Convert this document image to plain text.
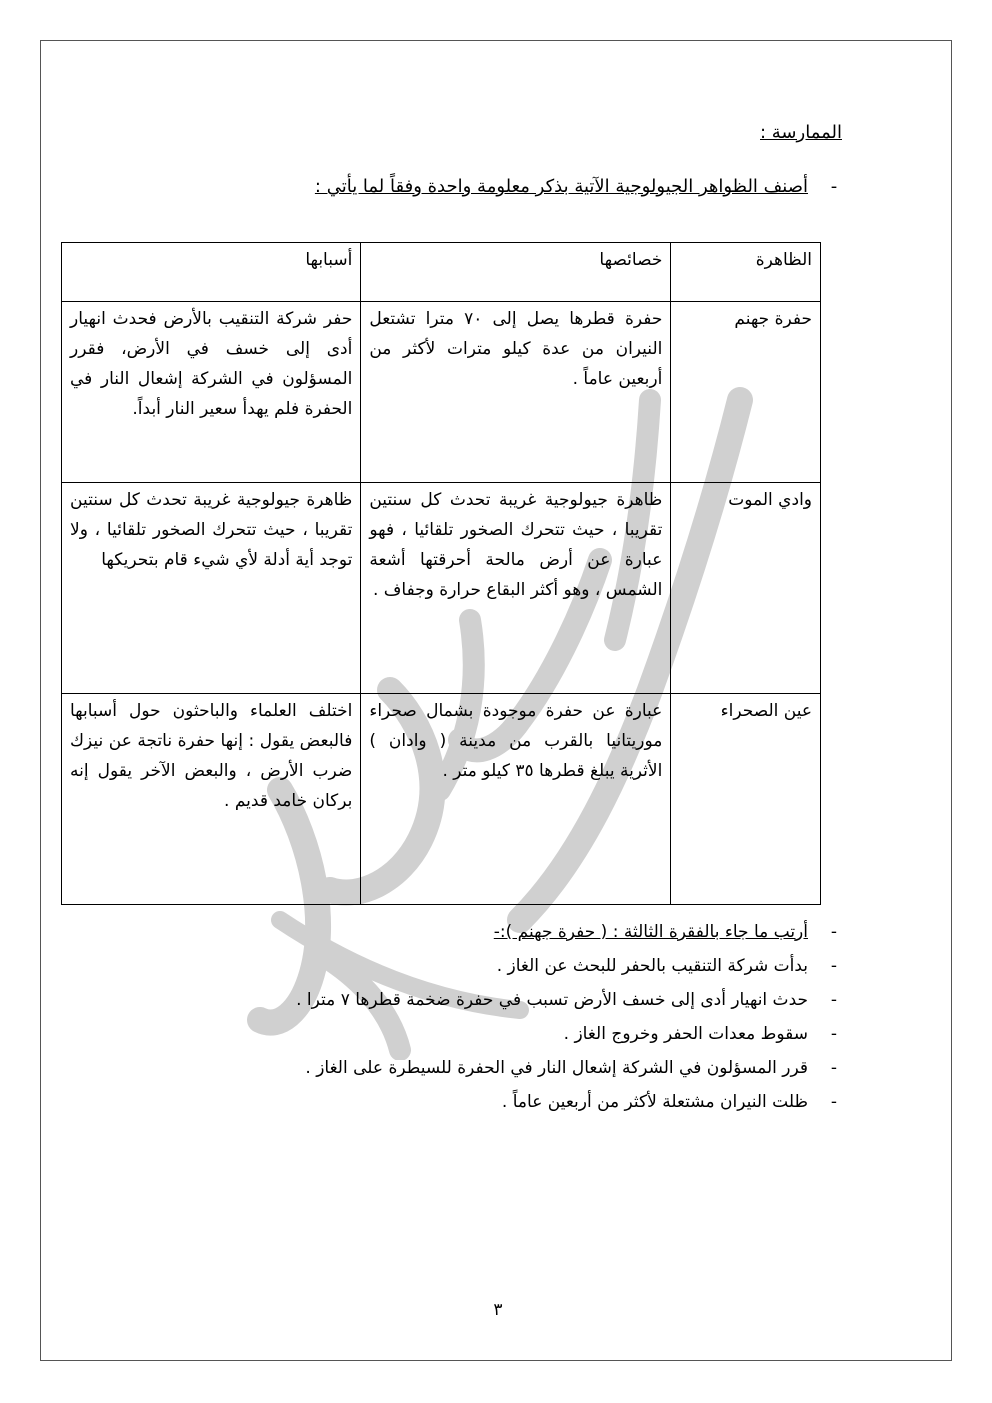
الممارسة :

-
أصنف الظواهر الجيولوجية الآتية بذكر معلومة واحدة وفقاً لما يأتي :

الظاهرة	خصائصها	أسبابها
حفرة جهنم	حفرة قطرها يصل إلى ٧٠ مترا تشتعل النيران من عدة كيلو مترات لأكثر من أربعين عاماً .	حفر شركة التنقيب بالأرض فحدث انهيار أدى إلى خسف في الأرض، فقرر المسؤلون في الشركة إشعال النار في الحفرة فلم يهدأ سعير النار أبداً.
وادي الموت	ظاهرة جيولوجية غريبة تحدث كل سنتين تقريبا ، حيث تتحرك الصخور تلقائيا ، فهو عبارة عن أرض مالحة أحرقتها أشعة الشمس ، وهو أكثر البقاع حرارة وجفاف .	ظاهرة جيولوجية غريبة تحدث كل سنتين تقريبا ، حيث تتحرك الصخور تلقائيا ، ولا توجد أية أدلة لأي شيء قام بتحريكها
عين الصحراء	عبارة عن حفرة موجودة بشمال صحراء موريتانيا بالقرب من مدينة ( وادان ) الأثرية يبلغ قطرها ٣٥ كيلو متر .	اختلف العلماء والباحثون حول أسبابها فالبعض يقول : إنها حفرة ناتجة عن نيزك ضرب الأرض ، والبعض الآخر يقول إنه بركان خامد قديم .
-
أرتب ما جاء بالفقرة الثالثة : ( حفرة جهنم ):-
-
بدأت شركة التنقيب بالحفر للبحث عن الغاز .
-
حدث انهيار أدى إلى خسف الأرض تسبب في حفرة ضخمة قطرها ٧ مترا .
-
سقوط معدات الحفر وخروج الغاز .
-
قرر المسؤلون في الشركة إشعال النار في الحفرة للسيطرة على الغاز .
-
ظلت النيران مشتعلة لأكثر من أربعين عاماً .
٣
